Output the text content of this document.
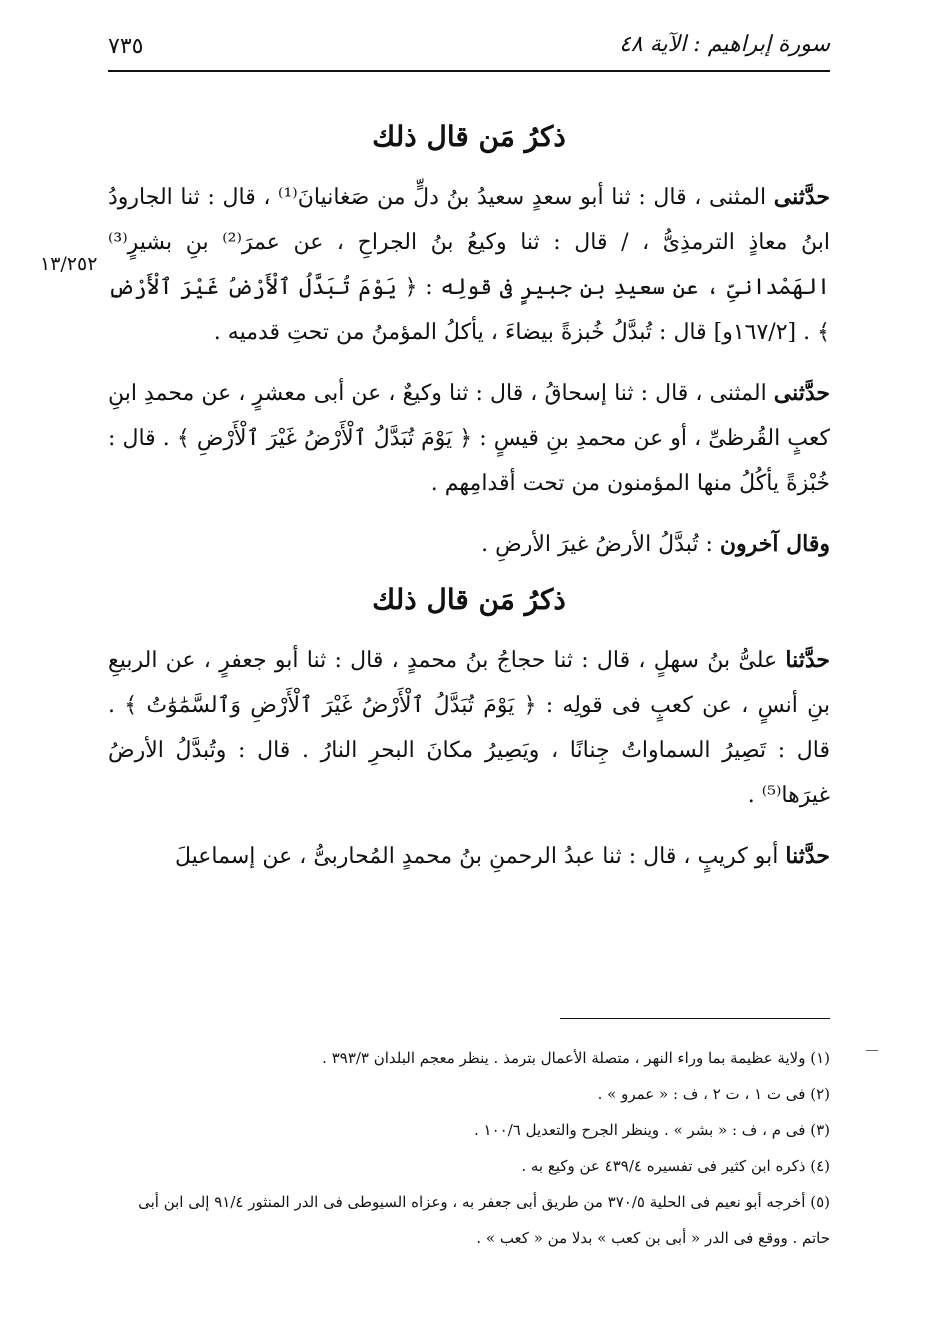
٧٣٥	سورة إبراهيم : الآية ٤٨
١٣/٢٥٢
ذكرُ مَن قال ذلك

حدَّثنى المثنى ، قال : ثنا أبو سعدٍ سعيدُ بنُ دلٍّ من صَغانيانَ⁽¹⁾ ، قال : ثنا الجارودُ ابنُ معاذٍ الترمذِىُّ ، / قال : ثنا وكيعُ بنُ الجراحِ ، عن عمرَ⁽²⁾ بنِ بشيرٍ⁽³⁾ الهَمْدانىِّ ، عن سعيدِ بنِ جبيرٍ فى قولِه : ﴿ يَوْمَ تُبَدَّلُ ٱلْأَرْضُ غَيْرَ ٱلْأَرْضِ ﴾ . [١٦٧/٢و] قال : تُبدَّلُ خُبزةً بيضاءَ ، يأكلُ المؤمنُ من تحتِ قدميه .

حدَّثنى المثنى ، قال : ثنا إسحاقُ ، قال : ثنا وكيعٌ ، عن أبى معشرٍ ، عن محمدِ ابنِ كعبٍ القُرظىِّ ، أو عن محمدِ بنِ قيسٍ : ﴿ يَوْمَ تُبَدَّلُ ٱلْأَرْضُ غَيْرَ ٱلْأَرْضِ ﴾ . قال : خُبْزةً يأكُلُ منها المؤمنون من تحت أقدامِهم .

وقال آخرون : تُبدَّلُ الأرضُ غيرَ الأرضِ .

ذكرُ مَن قال ذلك

حدَّثنا علىُّ بنُ سهلٍ ، قال : ثنا حجاجُ بنُ محمدٍ ، قال : ثنا أبو جعفرٍ ، عن الربيعِ بنِ أنسٍ ، عن كعبٍ فى قولِه : ﴿ يَوْمَ تُبَدَّلُ ٱلْأَرْضُ غَيْرَ ٱلْأَرْضِ وَٱلسَّمَٰوَٰتُ ﴾ . قال : تَصِيرُ السماواتُ جِنانًا ، ويَصِيرُ مكانَ البحرِ النارُ . قال : وتُبدَّلُ الأرضُ غيرَها⁽⁵⁾ .

حدَّثنا أبو كريبٍ ، قال : ثنا عبدُ الرحمنِ بنُ محمدٍ المُحاربىُّ ، عن إسماعيلَ

(١) ولاية عظيمة بما وراء النهر ، متصلة الأعمال بترمذ . ينظر معجم البلدان ٣٩٣/٣ .

(٢) فى ت ١ ، ت ٢ ، ف : « عمرو » .

(٣) فى م ، ف : « بشر » . وينظر الجرح والتعديل ١٠٠/٦ .

(٤) ذكره ابن كثير فى تفسيره ٤٣٩/٤ عن وكيع به .

(٥) أخرجه أبو نعيم فى الحلية ٣٧٠/٥ من طريق أبى جعفر به ، وعزاه السيوطى فى الدر المنثور ٩١/٤ إلى ابن أبى حاتم . ووقع فى الدر « أبى بن كعب » بدلا من « كعب » .
